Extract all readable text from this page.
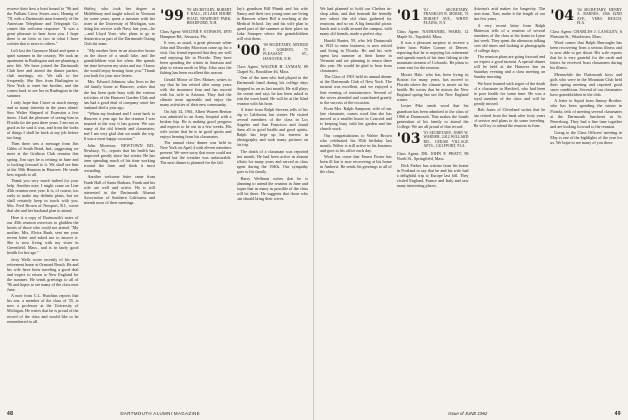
reserve their best a least bound to "96 and the Fulham Cross Stores ours. Hennig of '78, with a Dartmouth man formerly of the American Telephone and Telegraph Co. comes this welcome response: "It was a great pleasure to hear from you. I hope there is an item or two in what I have written that is news to others."

Left last the Gaymore Mead and spent a quiet summer in the country. We took an apartment in Burlington and are planning a new life. We have joined the Dartmouth Club here and attend the dinner parties, club meetings, etc. We talk to her frequently. She flies from Burlington to New York to meet her brother, and she comes back to see her in Burlington in the summer.

I only hope that I have as much energy and as many interests in the years ahead. Saw Walter Shepard of Evanston a few times. I had the pleasure of seeing him in Florida for the past three years. I am not as good as he said it was, and from the looks of things I shall be back at my job before too long.

Then there was a message from Jim Gibbs of South Bend, Ind., suggesting we meet at the Gridiron Club reunion this spring. Jim says he is retiring in June and is looking forward to it. We shall see him at the 50th Reunion in Hanover. He sends best regards to all.

Thank you very much indeed for your help. Another note. I might come on Line 45th reunion next year. It is, of course, too early to make any definite plans, but we shall certainly keep in touch with you. Mrs. Fred Brown of Newport, R.I., wrote that she and her husband plan to attend.

Here is a copy of Dartmouth's notes of our 45th reunion exercises to gladden the hearts of those who could not attend. "My mother, Mrs. Elvira Rauh, sent me your recent letter and asked me to answer it. She is now living with my sister in Greenfield, Mass., and is in fairly good health for her age."

Jerry Wells wrote recently of his new retirement home at Ormond Beach. He and his wife have been traveling a good deal and expect to return to New England for the summer. He sends greetings to all of '96 and hopes to see many of the class next June.

A note from C.L. Hutchins reports that his son, a member of the class of '35, is now a professor at the University of Michigan. He writes that he is proud of the record of the class and would like to be remembered to all.

Shirley, who took her degree at Middlebury and taught school in Vermont for some years, spent a summer with her sister at the University of Michigan, was doing his service with Navy last year—he—and Lloyd Vose, who plans to go to Antarctica as part of the Dartmouth Outing Club ski team.

"My mother lives in an attractive house on the shore of a small lake, and the grandchildren visit her often. She spends her time between my sister and me. I know she would enjoy hearing from you." Thank you both for your nice letters.

Mrs. Edward Johnson, who lives in the old family home at Hanover, writes that she has been quite busy with the various activities of the Hanover Garden Club and has had a good deal of company since her husband died a year ago.

"When my husband and I went back to Hanover a year ago for the reunion I was amazed at the way it has grown. We saw many of the old friends and classmates, and I am very glad that we made the trip. It was a most happy occasion."

John Morrison, NEWTOWN RD., Newbury, Vt., reports that his health has improved greatly since last winter. He has been spending much of his time working around the farm and finds it most rewarding.

Another welcome letter came from Frank Hall of Santa Barbara. Frank and his wife are well and active. He is still interested in the Dartmouth Alumni Association of Southern California and attends most of their meetings.

'99 '99 SECRETARY, ROBERT F. BALL, 28 LAKE SHORE ROAD, NEWBURY PARK, BRADFORD, N.H.

Class Agent: WALTER F. STINSON, 1870 Hampton Rd., Sarasota, Fla.

It was, as usual, a great pleasure when John and Dorothy Morrison came up for a visit. Our friend reported that they are well and enjoying life in Florida. They have been spending the winter in Sarasota and plan to return north in May. John says the fishing has been excellent this season.

Gerald Morse of Des Moines writes to say that he has retired after many years with the insurance firm and has moved with his wife to Arizona. They find the climate most agreeable and enjoy the many activities of their new community.

On July 14, 1961, Albert Warren Benton was admitted to an Army hospital with a broken hip. He is making good progress and expects to be out in a few weeks. His wife writes that he is in good spirits and enjoys hearing from his classmates.

The annual class dinner was held in New York on April 4 with eleven members present. We were sorry that more could not attend but the weather was unfavorable. The next dinner is planned for the fall.

Jay's grandson Bill Plumb and his wife Nancy and their two young sons are living in Hanover where Bill is teaching at the Medical School. Jay and his wife plan to spend part of the summer at their place on Lake Sunapee where the grandchildren will visit them.

'00 '00 SECRETARY, ARTHUR E. GORDON, 71 PLEASANT ST., HANOVER, N.H.

Class Agent: WALTER H. LYMAN, 89 Chapel St., Brookline 46, Mass.

One of the men who had played in the Dartmouth band during his college days dropped in on us last month. He still plays the cornet and says he has been asked to join the town band. He will be at the 62nd reunion with his horn.

A letter from Ralph Stevens tells of his trip to California last winter. He visited several members of the class in Los Angeles and San Francisco and found them all in good health and good spirits. Ralph has kept up his interest in photography and took many pictures on his trip.

The death of a classmate was reported last month. He had been active in alumni affairs for many years and served as class agent during the 1940s. Our sympathy goes to his family.

Harry Wellman writes that he is planning to attend the reunion in June and hopes that as many as possible of the class will be there. He suggests that those who can should bring their wives.

48	DARTMOUTH ALUMNI MAGAZINE

We had planned to hold our Chelsea in-shop affair, and that beneath the friendly tree where the old class gathered for reunions, and so on. A big beautiful picnic lunch and a walk around the campus, with many old friends, made a perfect day.

Harold Ranier, 59, who left Dartmouth in 1923 to enter business, is now retired and living in Florida. He and his wife spent last summer at their home in Vermont and are planning to return there this year. He would be glad to hear from classmates.

The Class of 1901 held its annual dinner at the Dartmouth Club of New York. The turnout was excellent, and we enjoyed a fine evening of reminiscence. Several of the wives attended and contributed greatly to the success of the occasion.

From Mrs. Ralph Sampson, wife of our late classmate, comes word that she has moved to a smaller house in Concord and is keeping busy with her garden and her church work.

Our congratulations to Walter Brown who celebrated his 85th birthday last month. Walter is still active in his business and goes to his office each day.

Word has come that Ernest Foster has been ill but is now recovering at his home in Amherst. He sends his greetings to all of the class.

'01 '01 SECRETARY, FRANKLIN B. MORSE, 76 DORSET AVE., WHITE PLAINS, N.Y.

Class Agent: NATHANIEL WARD, 12 Maple St., Topsfield, Mass.

It was a pleasant surprise to receive a letter from Walter Conner of Denver, reporting that he is enjoying his retirement and spends much of his time fishing in the mountain streams of Colorado. He plans to come east for the reunion.

Morris Hale, who has been living in Boston for many years, has moved to Florida where the climate is easier on his health. He writes that he misses the New England spring but not the New England winter.

Lester Pike sends word that his grandson has been admitted to the class of 1966 at Dartmouth. That makes the fourth generation of his family to attend the College. We are all proud of that record.

'03 '03 SECRETARY, JOHN W. WARNER, 2412 WILLARD RD., CEDAR VILLAGE APTS., GULFPORT, FLA.

Class Agent: DR. JOHN F. PRATT, 98 North St., Springfield, Mass.

Dick Parker has written from his home in Portland to say that he and his wife had a delightful trip to Europe last fall. They visited England, France and Italy and saw many interesting places.

Arizona's arid makes for longevity. The next time, Tom, make it the length of our last few years.

A very recent letter from Ralph Matteson tells of a reunion of several members of the class at his home in Lyme last week. They spent the afternoon talking over old times and looking at photographs of college days.

The reunion plans are going forward and we expect a good turnout. A special dinner will be held at the Hanover Inn on Saturday evening and a class meeting on Sunday morning.

We have learned with regret of the death of a classmate in Hartford, who had been in poor health for some time. He was a loyal member of the class and will be greatly missed.

Bob Jones of Cleveland writes that he has retired from the bank after forty years of service and plans to do some traveling. He will try to attend the reunion in June.

'04 '04 SECRETARY, HENRY A. BARNES, 1566 42ND AVE., VERO BEACH, FLA.

Class Agent: CHARLES J. LANGLEY, 6 Pleasant St., Winchester, Mass.

Word comes that Ralph Burroughs has been recovering from a serious illness and is now able to get about. His wife reports that he is very grateful for the cards and letters he received from classmates during his illness.

Meanwhile the Dartmouth boys and girls who were in the Mountain Club held their spring meeting and reported good snow conditions. Several of our classmates have grandchildren in the club.

A letter to Squid from Jimmy Brother, who has been spending the winter in Florida, tells of meeting several classmates at the Dartmouth luncheon in St. Petersburg. They had a fine time together and are looking forward to the reunion.

Going to the Class Officers' meeting in May is one of the highlights of the year for us. We hope to see many of you there.

Issue of JUNE 1962	49
